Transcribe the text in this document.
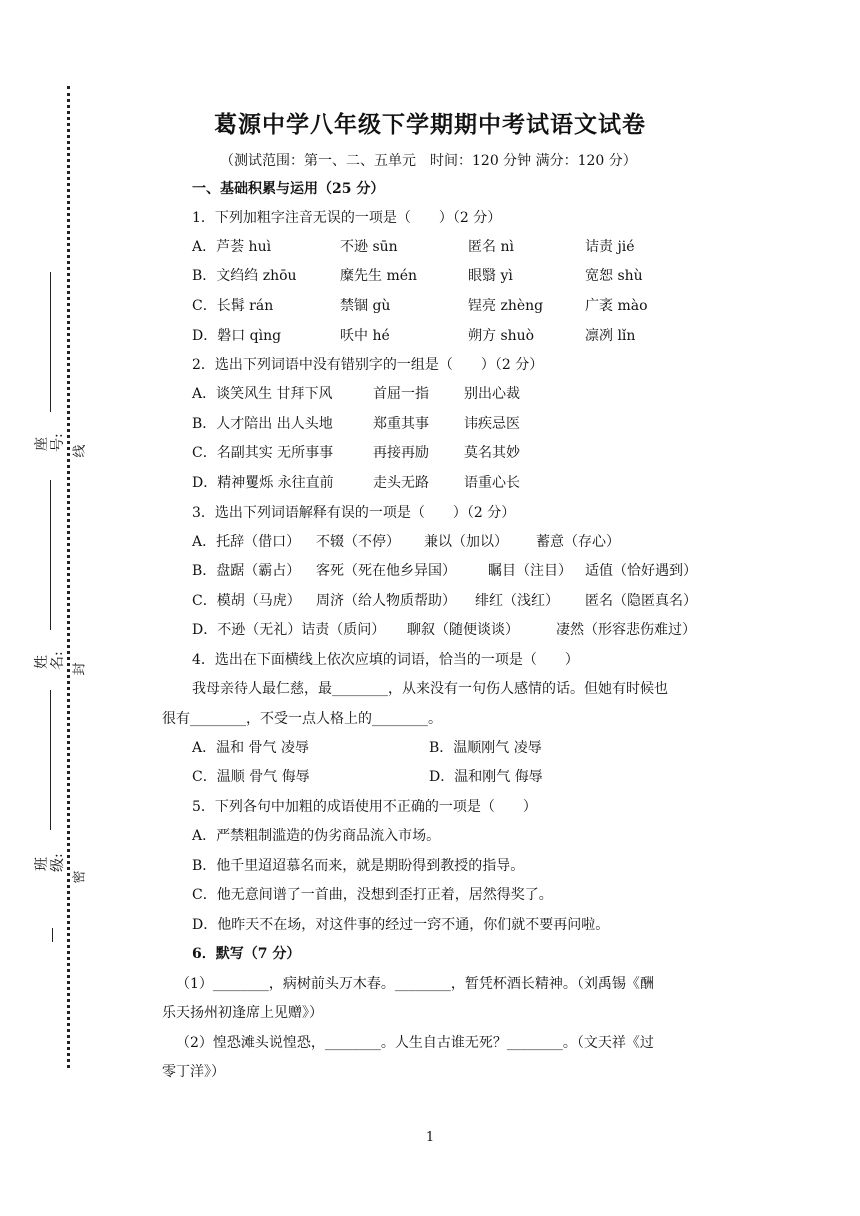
座号:
姓名:
班级:
线
封
密
葛源中学八年级下学期期中考试语文试卷
（测试范围：第一、二、五单元　时间：120 分钟 满分：120 分）
一、基础积累与运用（25 分）
1．下列加粗字注音无误的一项是（　　）（2 分）
A．芦荟 huì	不逊 sūn	匿名 nì	诘责 jié
B．文绉绉 zhōu	糜先生 mén	眼翳 yì	宽恕 shù
C．长髯 rán	禁锢 gù	锃亮 zhèng	广袤 mào
D．磐口 qìng	㕭中 hé	朔方 shuò	凛冽 lǐn
2．选出下列词语中没有错别字的一组是（　　）（2 分）
A．谈笑风生 甘拜下风	首屈一指	别出心裁
B．人才陪出 出人头地	郑重其事	讳疾忌医
C．名副其实 无所事事	再接再励	莫名其妙
D．精神矍烁 永往直前	走头无路	语重心长
3．选出下列词语解释有误的一项是（　　）（2 分）
A．托辞（借口） 不辍（不停） 兼以（加以） 蓄意（存心）
B．盘踞（霸占） 客死（死在他乡异国） 瞩目（注目） 适值（恰好遇到）
C．模胡（马虎） 周济（给人物质帮助） 绯红（浅红） 匿名（隐匿真名）
D．不逊（无礼）诘责（质问） 聊叙（随便谈谈）	凄然（形容悲伤难过）
4．选出在下面横线上依次应填的词语，恰当的一项是（　　）
我母亲待人最仁慈，最________，从来没有一句伤人感情的话。但她有时候也
很有________，不受一点人格上的________。
A．温和 骨气 凌辱	B．温顺刚气 凌辱
C．温顺 骨气 侮辱	D．温和刚气 侮辱
5．下列各句中加粗的成语使用不正确的一项是（　　）
A．严禁粗制滥造的伪劣商品流入市场。
B．他千里迢迢慕名而来，就是期盼得到教授的指导。
C．他无意间谱了一首曲，没想到歪打正着，居然得奖了。
D．他昨天不在场，对这件事的经过一窍不通，你们就不要再问啦。
6．默写（7 分）
（1）________，病树前头万木春。________，暂凭杯酒长精神。（刘禹锡《酬
乐天扬州初逢席上见赠》）
（2）惶恐滩头说惶恐，________。人生自古谁无死？________。（文天祥《过
零丁洋》）
1
